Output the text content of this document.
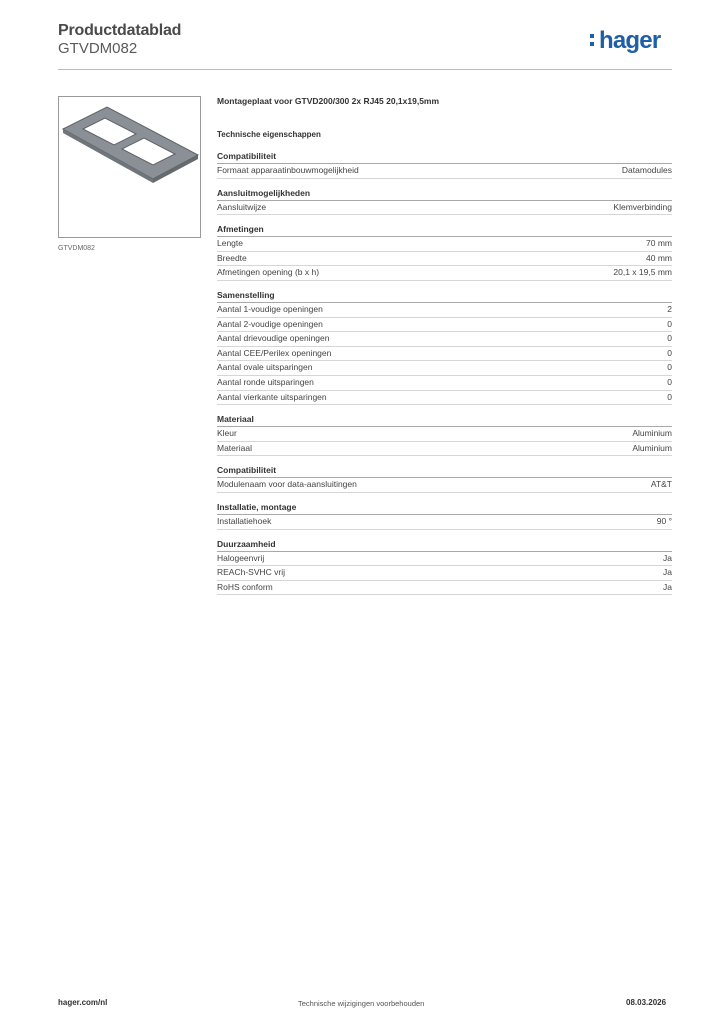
Productdatablad
GTVDM082	hager
GTVDM082
Montageplaat voor GTVD200/300 2x RJ45 20,1x19,5mm
Technische eigenschappen
Compatibiliteit
Formaat apparaatinbouwmogelijkheid	Datamodules
Aansluitmogelijkheden
Aansluitwijze	Klemverbinding
Afmetingen
Lengte	70 mm
Breedte	40 mm
Afmetingen opening (b x h)	20,1 x 19,5 mm
Samenstelling
Aantal 1-voudige openingen	2
Aantal 2-voudige openingen	0
Aantal drievoudige openingen	0
Aantal CEE/Perilex openingen	0
Aantal ovale uitsparingen	0
Aantal ronde uitsparingen	0
Aantal vierkante uitsparingen	0
Materiaal
Kleur	Aluminium
Materiaal	Aluminium
Compatibiliteit
Modulenaam voor data-aansluitingen	AT&T
Installatie, montage
Installatiehoek	90 °
Duurzaamheid
Halogeenvrij	Ja
REACh-SVHC vrij	Ja
RoHS conform	Ja
hager.com/nl	Technische wijzigingen voorbehouden	08.03.2026
